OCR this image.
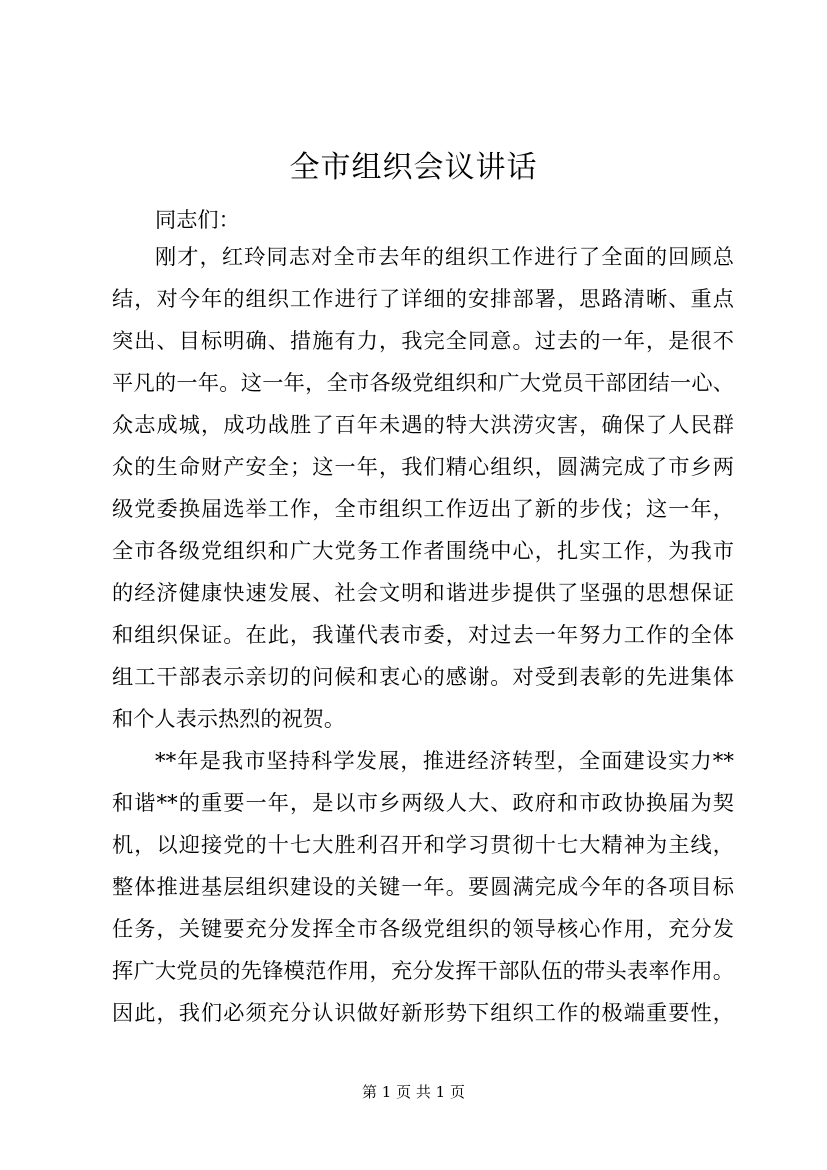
全市组织会议讲话
同志们：
刚才，红玲同志对全市去年的组织工作进行了全面的回顾总
结，对今年的组织工作进行了详细的安排部署，思路清晰、重点
突出、目标明确、措施有力，我完全同意。过去的一年，是很不
平凡的一年。这一年，全市各级党组织和广大党员干部团结一心、
众志成城，成功战胜了百年未遇的特大洪涝灾害，确保了人民群
众的生命财产安全；这一年，我们精心组织，圆满完成了市乡两
级党委换届选举工作，全市组织工作迈出了新的步伐；这一年，
全市各级党组织和广大党务工作者围绕中心，扎实工作，为我市
的经济健康快速发展、社会文明和谐进步提供了坚强的思想保证
和组织保证。在此，我谨代表市委，对过去一年努力工作的全体
组工干部表示亲切的问候和衷心的感谢。对受到表彰的先进集体
和个人表示热烈的祝贺。
**年是我市坚持科学发展，推进经济转型，全面建设实力**
和谐**的重要一年，是以市乡两级人大、政府和市政协换届为契
机，以迎接党的十七大胜利召开和学习贯彻十七大精神为主线，
整体推进基层组织建设的关键一年。要圆满完成今年的各项目标
任务，关键要充分发挥全市各级党组织的领导核心作用，充分发
挥广大党员的先锋模范作用，充分发挥干部队伍的带头表率作用。
因此，我们必须充分认识做好新形势下组织工作的极端重要性，
第 1 页 共 1 页
